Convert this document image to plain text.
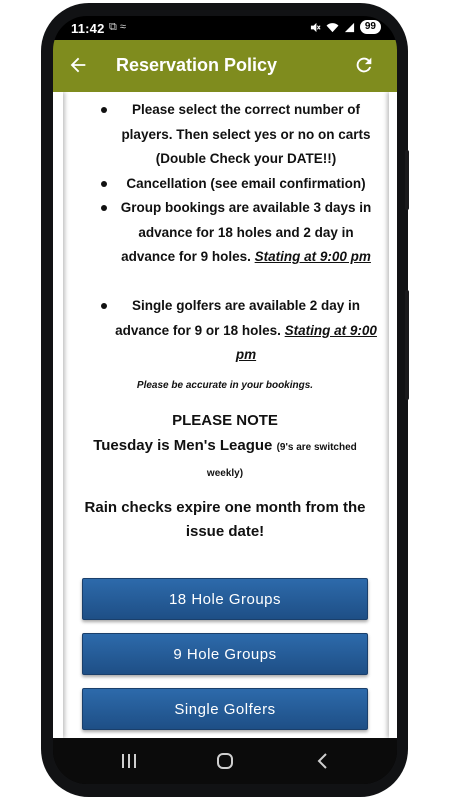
11:42 ⧉ ≈	99
Reservation Policy
Please select the correct number of players. Then select yes or no on carts (Double Check your DATE!!)
Cancellation (see email confirmation)
Group bookings are available 3 days in advance for 18 holes and 2 day in advance for 9 holes. Stating at 9:00 pm
Single golfers are available 2 day in advance for 9 or 18 holes. Stating at 9:00 pm
Please be accurate in your bookings.
PLEASE NOTE
Tuesday is Men's League (9's are switched weekly)
Rain checks expire one month from the issue date!
18 Hole Groups
9 Hole Groups
Single Golfers
